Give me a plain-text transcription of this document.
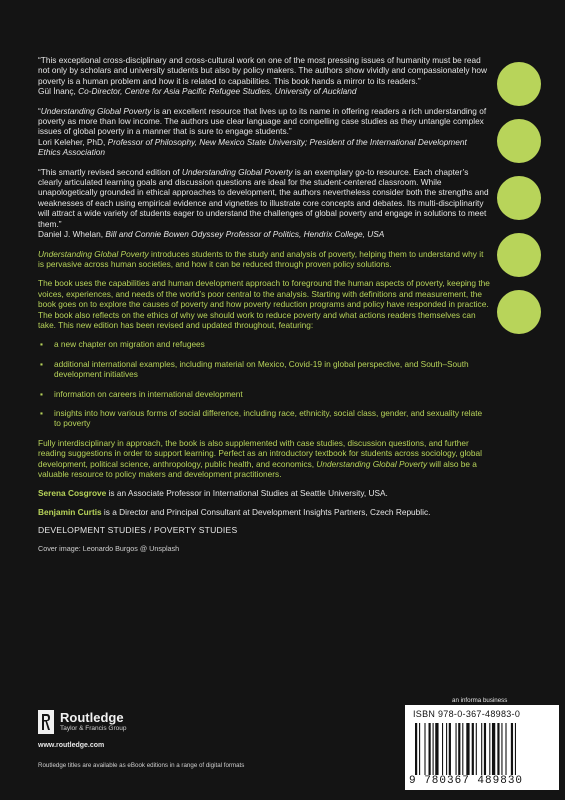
“This exceptional cross-disciplinary and cross-cultural work on one of the most pressing issues of humanity must be read not only by scholars and university students but also by policy makers. The authors show vividly and compassionately how poverty is a human problem and how it is related to capabilities. This book hands a mirror to its readers.”

Gül İnanç, Co-Director, Centre for Asia Pacific Refugee Studies, University of Auckland

“Understanding Global Poverty is an excellent resource that lives up to its name in offering readers a rich understanding of poverty as more than low income. The authors use clear language and compelling case studies as they untangle complex issues of global poverty in a manner that is sure to engage students.”

Lori Keleher, PhD, Professor of Philosophy, New Mexico State University; President of the International Development Ethics Association

“This smartly revised second edition of Understanding Global Poverty is an exemplary go-to resource. Each chapter’s clearly articulated learning goals and discussion questions are ideal for the student-centered classroom. While unapologetically grounded in ethical approaches to development, the authors nevertheless consider both the strengths and weaknesses of each using empirical evidence and vignettes to illustrate core concepts and debates. Its multi-disciplinarity will attract a wide variety of students eager to understand the challenges of global poverty and engage in solutions to meet them.”

Daniel J. Whelan, Bill and Connie Bowen Odyssey Professor of Politics, Hendrix College, USA

Understanding Global Poverty introduces students to the study and analysis of poverty, helping them to understand why it is pervasive across human societies, and how it can be reduced through proven policy solutions.

The book uses the capabilities and human development approach to foreground the human aspects of poverty, keeping the voices, experiences, and needs of the world’s poor central to the analysis. Starting with definitions and measurement, the book goes on to explore the causes of poverty and how poverty reduction programs and policy have responded in practice. The book also reflects on the ethics of why we should work to reduce poverty and what actions readers themselves can take. This new edition has been revised and updated throughout, featuring:

▪ a new chapter on migration and refugees
▪ additional international examples, including material on Mexico, Covid-19 in global perspective, and South–South development initiatives
▪ information on careers in international development
▪ insights into how various forms of social difference, including race, ethnicity, social class, gender, and sexuality relate to poverty

Fully interdisciplinary in approach, the book is also supplemented with case studies, discussion questions, and further reading suggestions in order to support learning. Perfect as an introductory textbook for students across sociology, global development, political science, anthropology, public health, and economics, Understanding Global Poverty will also be a valuable resource to policy makers and development practitioners.

Serena Cosgrove is an Associate Professor in International Studies at Seattle University, USA.

Benjamin Curtis is a Director and Principal Consultant at Development Insights Partners, Czech Republic.

DEVELOPMENT STUDIES / POVERTY STUDIES

Cover image: Leonardo Burgos @ Unsplash

Routledge
Taylor & Francis Group
www.routledge.com
Routledge titles are available as eBook editions in a range of digital formats
an informa business
ISBN 978-0-367-48983-0
9 780367 489830
